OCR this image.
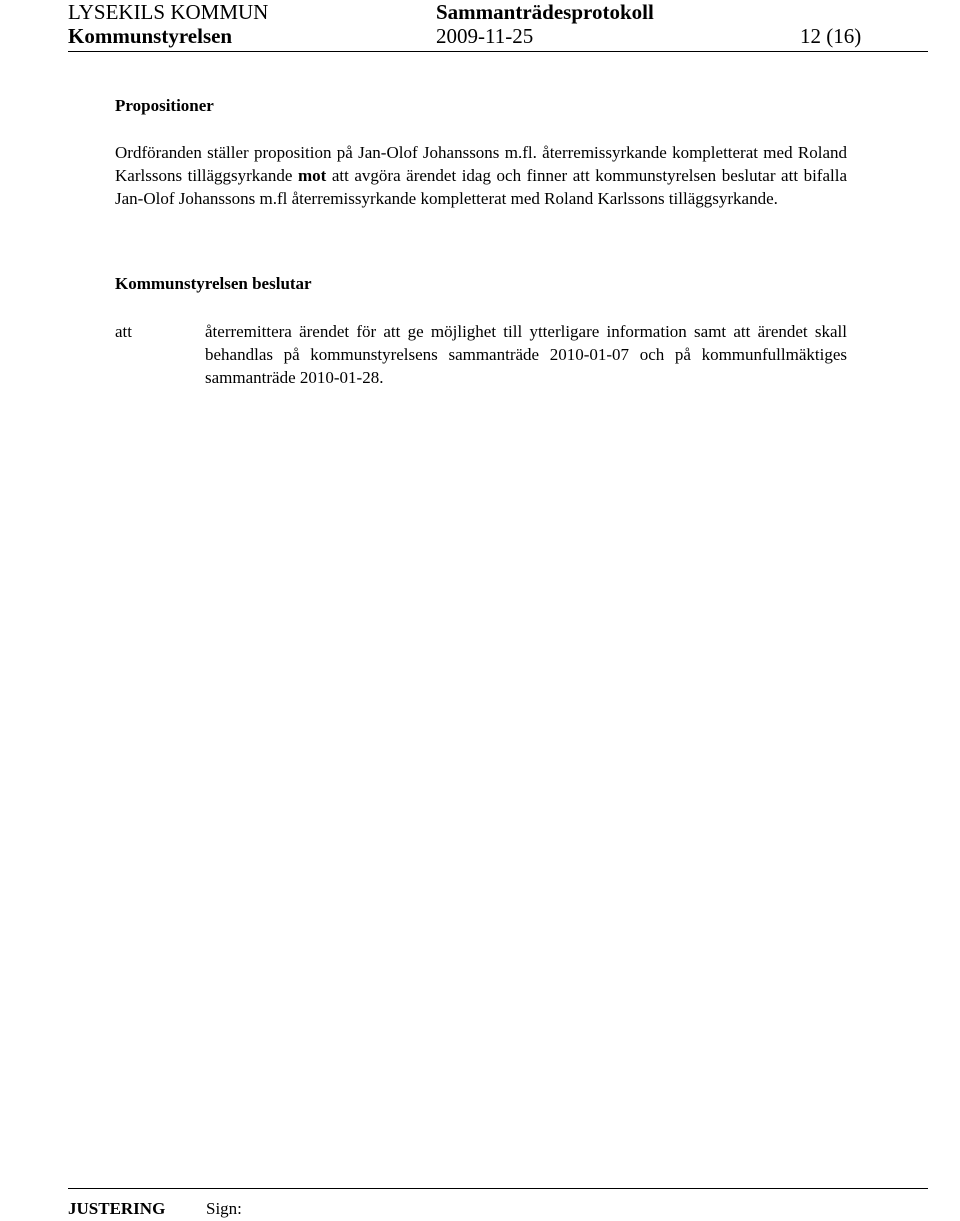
LYSEKILS KOMMUN	Sammanträdesprotokoll
Kommunstyrelsen	2009-11-25	12 (16)
Propositioner
Ordföranden ställer proposition på Jan-Olof Johanssons m.fl. återremissyrkande kompletterat med Roland Karlssons tilläggsyrkande mot att avgöra ärendet idag och finner att kommunstyrelsen beslutar att bifalla Jan-Olof Johanssons m.fl återremissyrkande kompletterat med Roland Karlssons tilläggsyrkande.
Kommunstyrelsen beslutar
att	återremittera ärendet för att ge möjlighet till ytterligare information samt att ärendet skall behandlas på kommunstyrelsens sammanträde 2010-01-07 och på kommunfullmäktiges sammanträde 2010-01-28.
JUSTERING Sign:
